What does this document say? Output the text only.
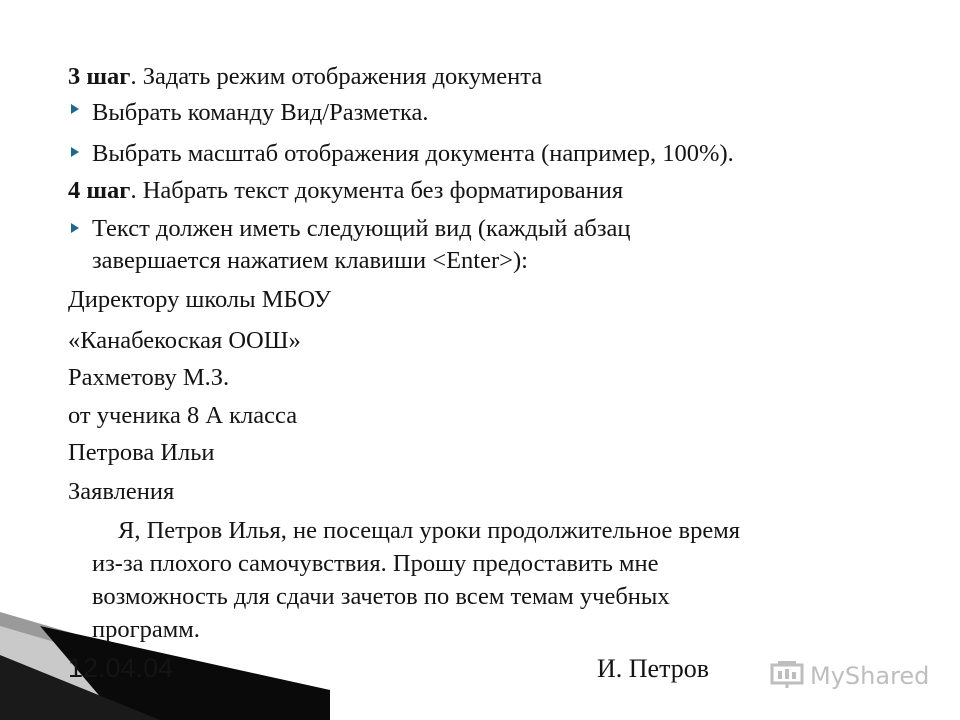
3 шаг. Задать режим отображения документа
Выбрать команду Вид/Разметка.
Выбрать масштаб отображения документа (например, 100%).
4 шаг. Набрать текст документа без форматирования
Текст должен иметь следующий вид (каждый абзац
завершается нажатием клавиши <Enter>):
Директору школы МБОУ
«Канабекоская ООШ»
Рахметову М.З.
от ученика 8 А класса
Петрова Ильи
Заявления
Я, Петров Илья, не посещал уроки продолжительное время
из-за плохого самочувствия. Прошу предоставить мне
возможность для сдачи зачетов по всем темам учебных
программ.
12.04.04	И. Петров	MyShared
